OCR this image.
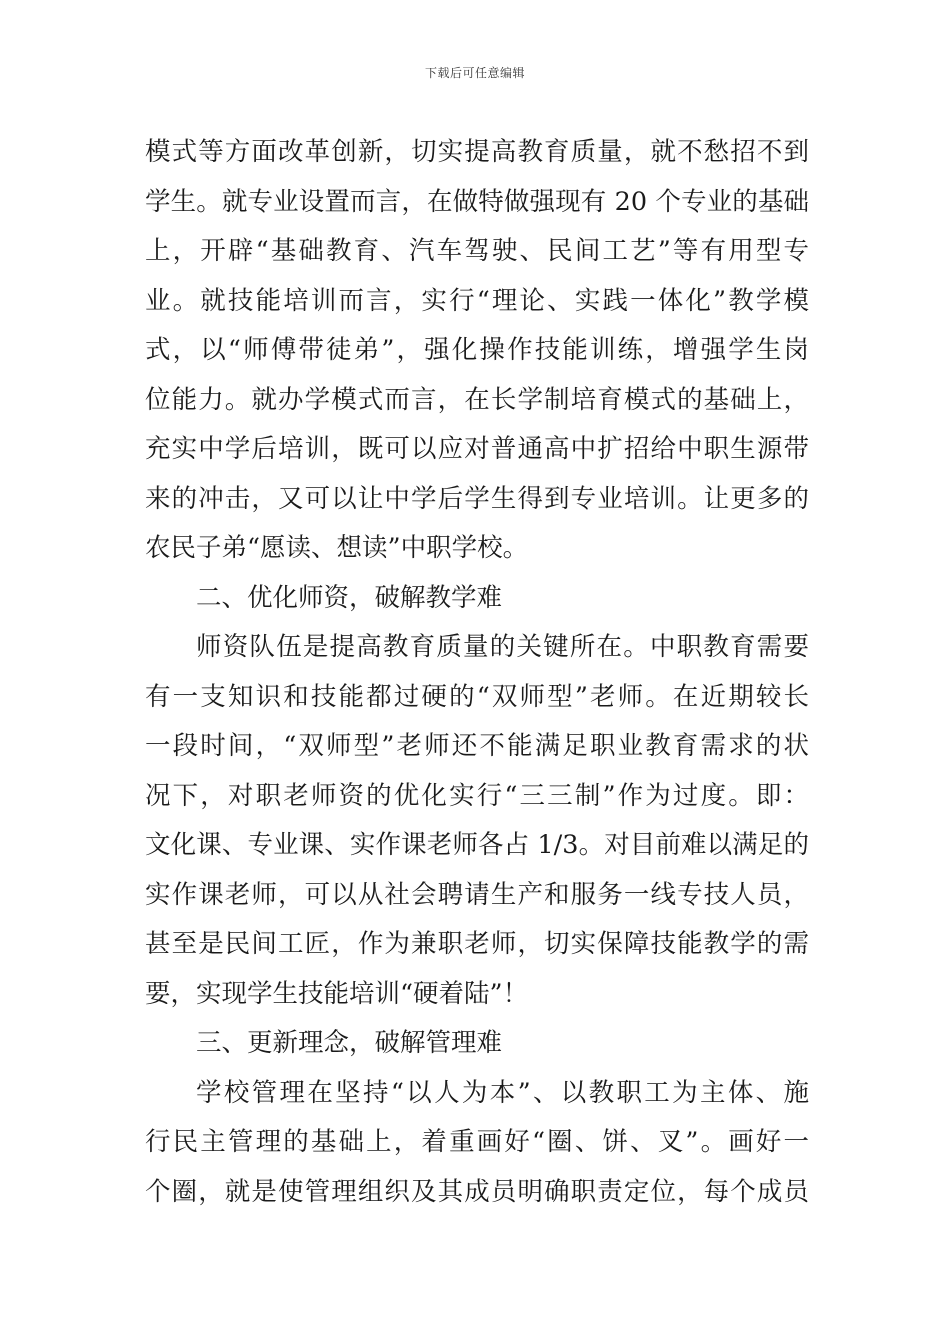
下载后可任意编辑
模式等方面改革创新，切实提高教育质量，就不愁招不到
学生。就专业设置而言，在做特做强现有 20 个专业的基础
上，开辟“基础教育、汽车驾驶、民间工艺”等有用型专
业。就技能培训而言，实行“理论、实践一体化”教学模
式，以“师傅带徒弟”，强化操作技能训练，增强学生岗
位能力。就办学模式而言，在长学制培育模式的基础上，
充实中学后培训，既可以应对普通高中扩招给中职生源带
来的冲击，又可以让中学后学生得到专业培训。让更多的
农民子弟“愿读、想读”中职学校。
二、优化师资，破解教学难
师资队伍是提高教育质量的关键所在。中职教育需要
有一支知识和技能都过硬的“双师型”老师。在近期较长
一段时间，“双师型”老师还不能满足职业教育需求的状
况下，对职老师资的优化实行“三三制”作为过度。即：
文化课、专业课、实作课老师各占 1/3。对目前难以满足的
实作课老师，可以从社会聘请生产和服务一线专技人员，
甚至是民间工匠，作为兼职老师，切实保障技能教学的需
要，实现学生技能培训“硬着陆”！
三、更新理念，破解管理难
学校管理在坚持“以人为本”、以教职工为主体、施
行民主管理的基础上，着重画好“圈、饼、叉”。画好一
个圈，就是使管理组织及其成员明确职责定位，每个成员
